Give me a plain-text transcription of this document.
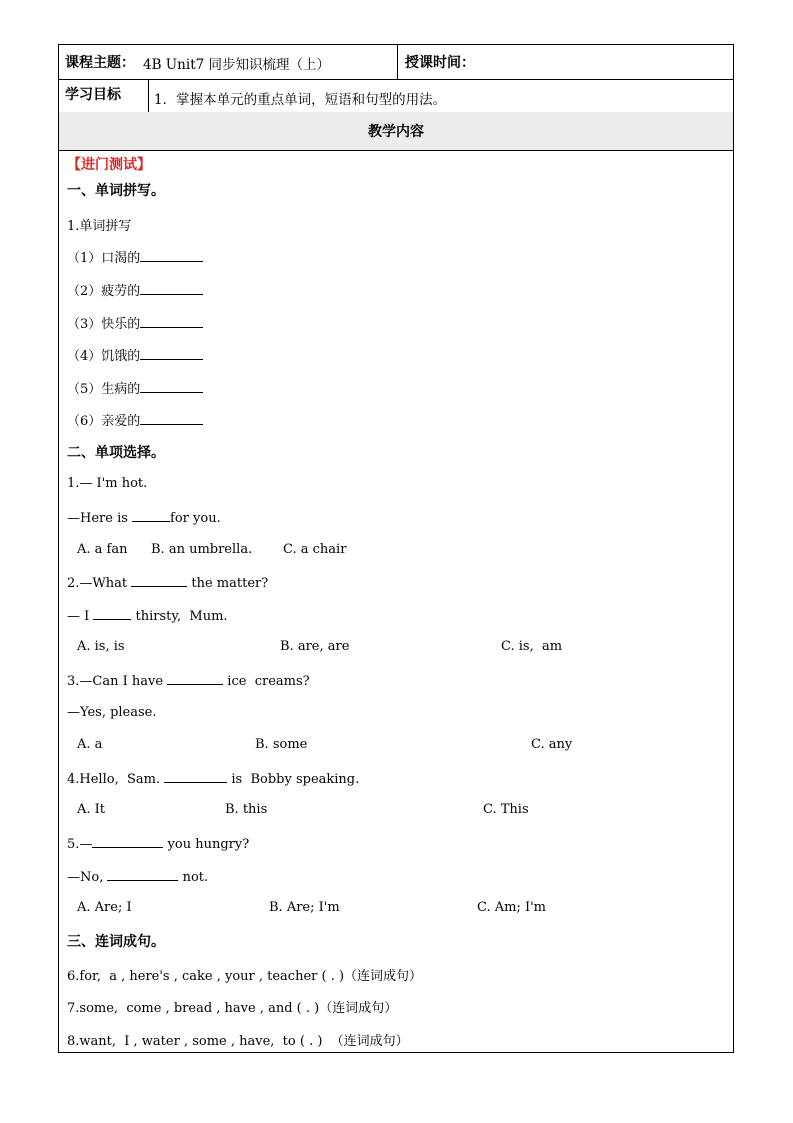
课程主题： 4B Unit7 同步知识梳理（上）	授课时间：
学习目标 1．掌握本单元的重点单词，短语和句型的用法。
教学内容
【进门测试】
一、单词拼写。
1.单词拼写
（1）口渴的
（2）疲劳的
（3）快乐的
（4）饥饿的
（5）生病的
（6）亲爱的
二、单项选择。
1.— I'm hot.
—Here is	for you.
A. a fan B. an umbrella. C. a chair
2.—What	the matter?
— I	thirsty,  Mum.
A. is, is	B. are, are	C. is,  am
3.—Can I have	ice  creams?
—Yes, please.
A. a	B. some	C. any
4.Hello,  Sam.	is  Bobby speaking.
A. It	B. this	C. This
5.—	you hungry?
—No,	not.
A. Are; I	B. Are; I'm	C. Am; I'm
三、连词成句。
6.for,  a , here's , cake , your , teacher ( . )（连词成句）
7.some,  come , bread , have , and ( . )（连词成句）
8.want,  I , water , some , have,  to ( . )  （连词成句）
